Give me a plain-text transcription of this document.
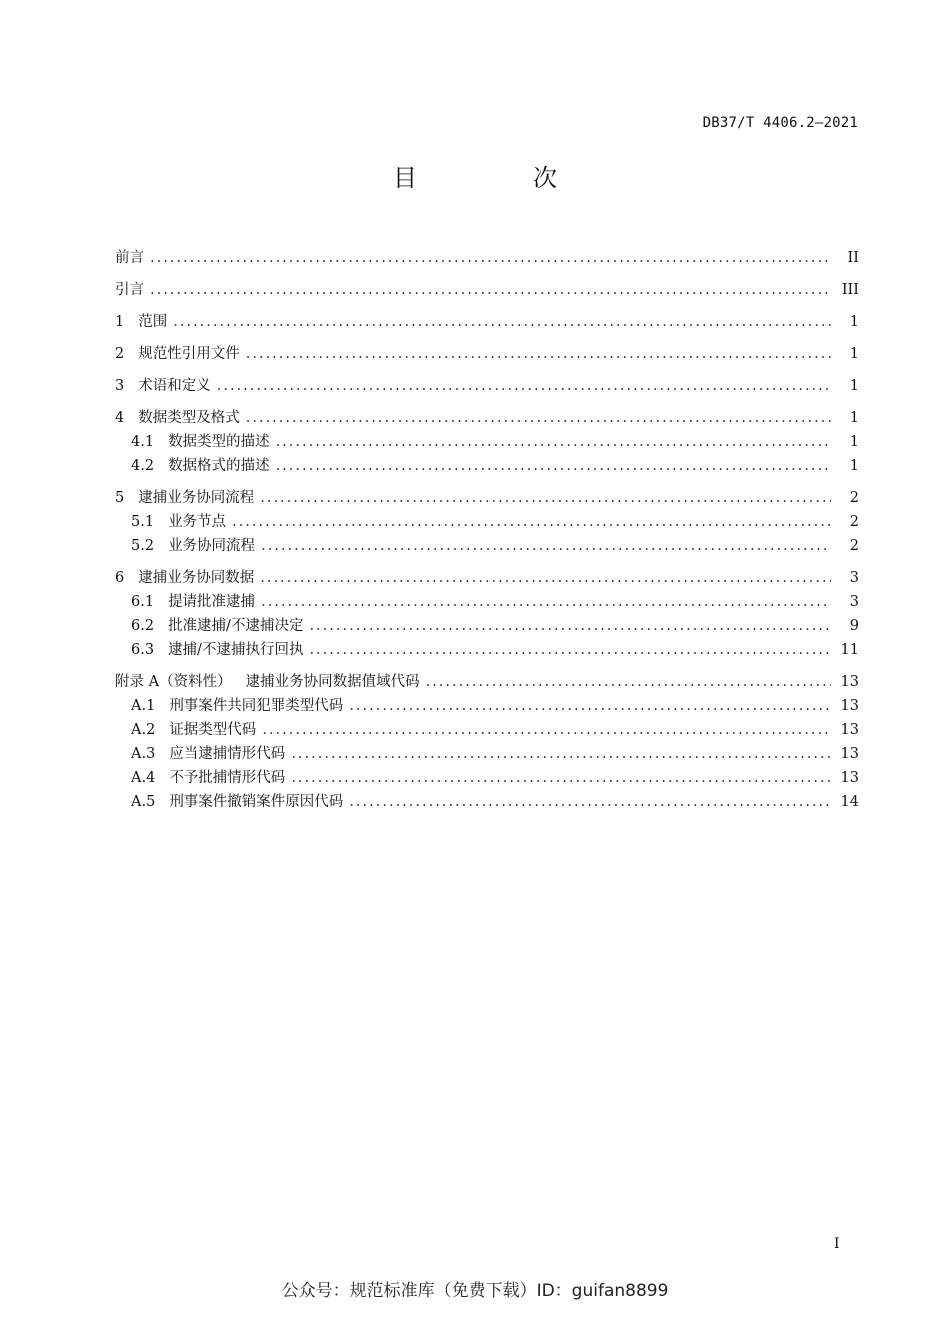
DB37/T 4406.2—2021
目　次
前言 .....	II
引言 .....	III
1 范围 .....	1
2 规范性引用文件 .....	1
3 术语和定义 .....	1
4 数据类型及格式 .....	1
4.1 数据类型的描述 .....	1
4.2 数据格式的描述 .....	1
5 逮捕业务协同流程 .....	2
5.1 业务节点 .....	2
5.2 业务协同流程 .....	2
6 逮捕业务协同数据 .....	3
6.1 提请批准逮捕 .....	3
6.2 批准逮捕/不逮捕决定 .....	9
6.3 逮捕/不逮捕执行回执 .....	11
附录 A（资料性） 逮捕业务协同数据值域代码 .....	13
A.1 刑事案件共同犯罪类型代码 .....	13
A.2 证据类型代码 .....	13
A.3 应当逮捕情形代码 .....	13
A.4 不予批捕情形代码 .....	13
A.5 刑事案件撤销案件原因代码 .....	14
I
公众号：规范标准库（免费下载）ID：guifan8899
